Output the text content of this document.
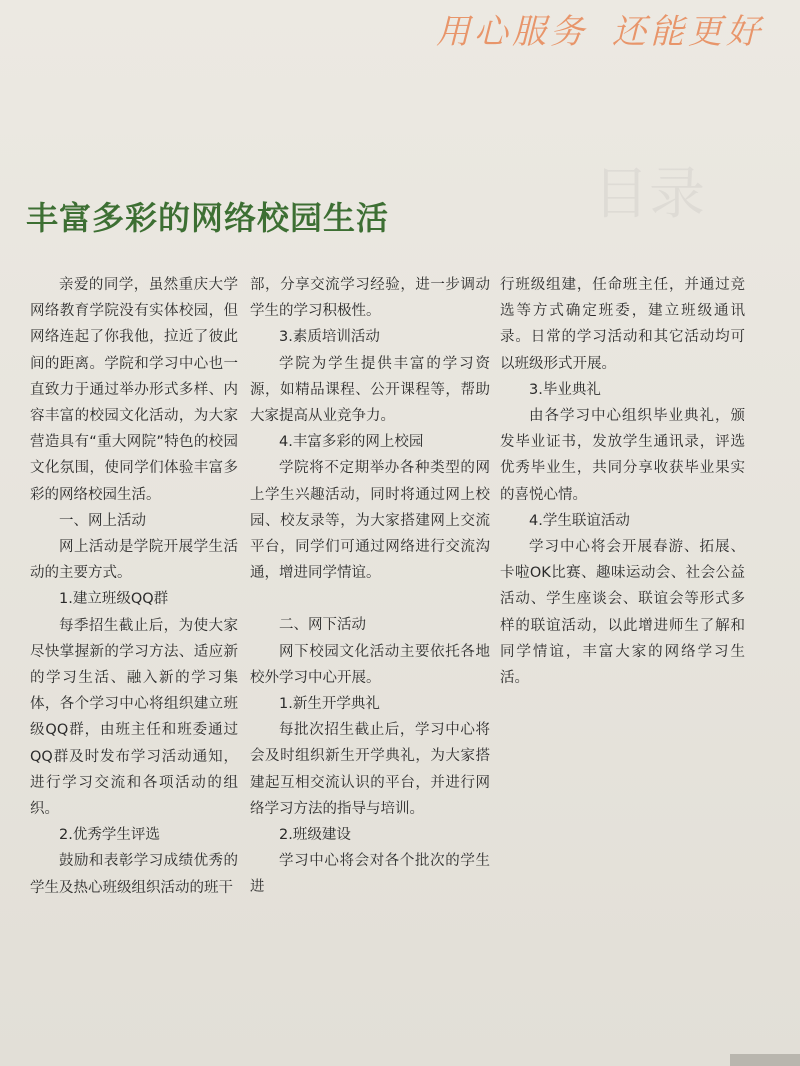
用心服务 还能更好
目录
丰富多彩的网络校园生活

亲爱的同学，虽然重庆大学网络教育学院没有实体校园，但网络连起了你我他，拉近了彼此间的距离。学院和学习中心也一直致力于通过举办形式多样、内容丰富的校园文化活动，为大家营造具有“重大网院”特色的校园文化氛围，使同学们体验丰富多彩的网络校园生活。

一、网上活动

网上活动是学院开展学生活动的主要方式。

1.建立班级QQ群

每季招生截止后，为使大家尽快掌握新的学习方法、适应新的学习生活、融入新的学习集体，各个学习中心将组织建立班级QQ群，由班主任和班委通过QQ群及时发布学习活动通知，进行学习交流和各项活动的组织。

2.优秀学生评选

鼓励和表彰学习成绩优秀的学生及热心班级组织活动的班干

部，分享交流学习经验，进一步调动学生的学习积极性。

3.素质培训活动

学院为学生提供丰富的学习资源，如精品课程、公开课程等，帮助大家提高从业竞争力。

4.丰富多彩的网上校园

学院将不定期举办各种类型的网上学生兴趣活动，同时将通过网上校园、校友录等，为大家搭建网上交流平台，同学们可通过网络进行交流沟通，增进同学情谊。

二、网下活动

网下校园文化活动主要依托各地校外学习中心开展。

1.新生开学典礼

每批次招生截止后，学习中心将会及时组织新生开学典礼，为大家搭建起互相交流认识的平台，并进行网络学习方法的指导与培训。

2.班级建设

学习中心将会对各个批次的学生进

行班级组建，任命班主任，并通过竞选等方式确定班委，建立班级通讯录。日常的学习活动和其它活动均可以班级形式开展。

3.毕业典礼

由各学习中心组织毕业典礼，颁发毕业证书，发放学生通讯录，评选优秀毕业生，共同分享收获毕业果实的喜悦心情。

4.学生联谊活动

学习中心将会开展春游、拓展、卡啦OK比赛、趣味运动会、社会公益活动、学生座谈会、联谊会等形式多样的联谊活动，以此增进师生了解和同学情谊，丰富大家的网络学习生活。
